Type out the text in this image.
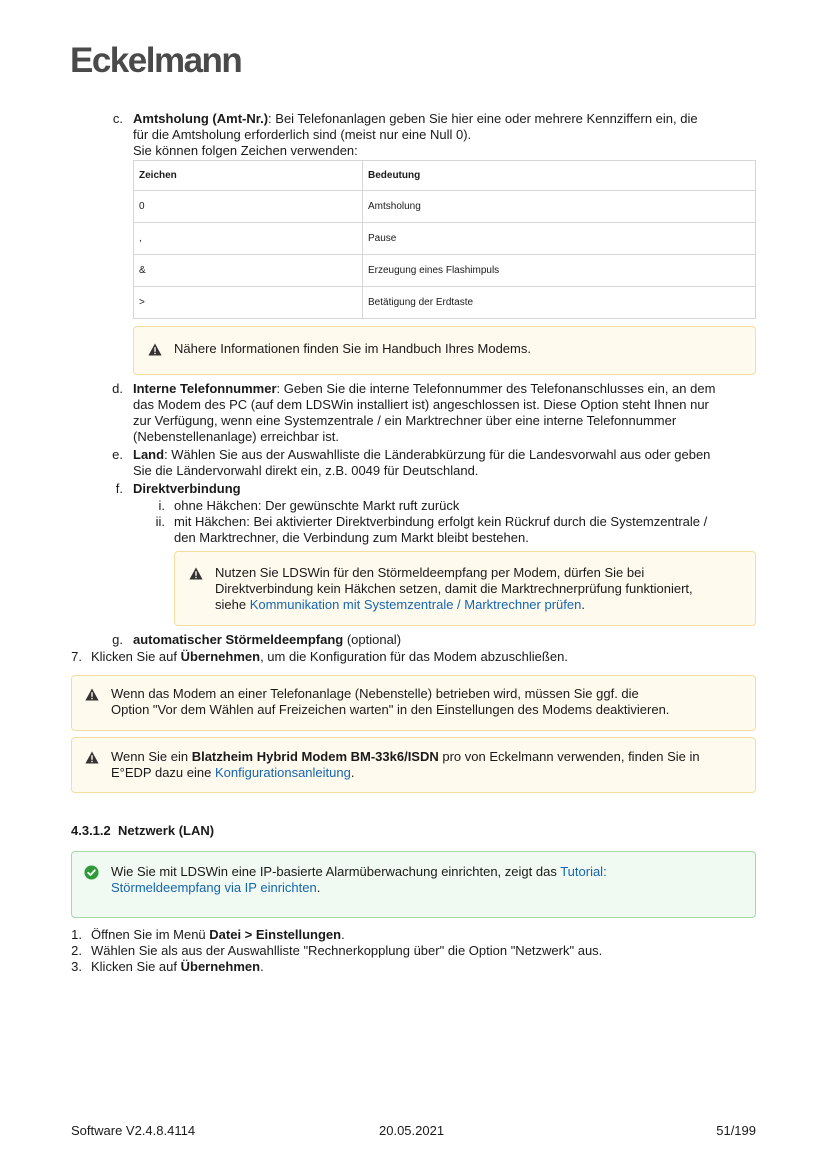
Eckelmann
c. Amtsholung (Amt-Nr.): Bei Telefonanlagen geben Sie hier eine oder mehrere Kennziffern ein, die
für die Amtsholung erforderlich sind (meist nur eine Null 0).
Sie können folgen Zeichen verwenden:
Zeichen	Bedeutung
0	Amtsholung
,	Pause
&	Erzeugung eines Flashimpuls
>	Betätigung der Erdtaste
Nähere Informationen finden Sie im Handbuch Ihres Modems.
d. Interne Telefonnummer: Geben Sie die interne Telefonnummer des Telefonanschlusses ein, an dem
das Modem des PC (auf dem LDSWin installiert ist) angeschlossen ist. Diese Option steht Ihnen nur
zur Verfügung, wenn eine Systemzentrale / ein Marktrechner über eine interne Telefonnummer
(Nebenstellenanlage) erreichbar ist.
e. Land: Wählen Sie aus der Auswahlliste die Länderabkürzung für die Landesvorwahl aus oder geben
Sie die Ländervorwahl direkt ein, z.B. 0049 für Deutschland.
f. Direktverbindung
i. ohne Häkchen: Der gewünschte Markt ruft zurück
ii. mit Häkchen: Bei aktivierter Direktverbindung erfolgt kein Rückruf durch die Systemzentrale /
den Marktrechner, die Verbindung zum Markt bleibt bestehen.
Nutzen Sie LDSWin für den Störmeldeempfang per Modem, dürfen Sie bei
Direktverbindung kein Häkchen setzen, damit die Marktrechnerprüfung funktioniert,
siehe Kommunikation mit Systemzentrale / Marktrechner prüfen.
g. automatischer Störmeldeempfang (optional)
7. Klicken Sie auf Übernehmen, um die Konfiguration für das Modem abzuschließen.
Wenn das Modem an einer Telefonanlage (Nebenstelle) betrieben wird, müssen Sie ggf. die
Option "Vor dem Wählen auf Freizeichen warten" in den Einstellungen des Modems deaktivieren.
Wenn Sie ein Blatzheim Hybrid Modem BM-33k6/ISDN pro von Eckelmann verwenden, finden Sie in
E°EDP dazu eine Konfigurationsanleitung.
4.3.1.2 Netzwerk (LAN)
Wie Sie mit LDSWin eine IP-basierte Alarmüberwachung einrichten, zeigt das Tutorial:
Störmeldeempfang via IP einrichten.
1. Öffnen Sie im Menü Datei > Einstellungen.
2. Wählen Sie als aus der Auswahlliste "Rechnerkopplung über" die Option "Netzwerk" aus.
3. Klicken Sie auf Übernehmen.
Software V2.4.8.4114	20.05.2021	51/199
